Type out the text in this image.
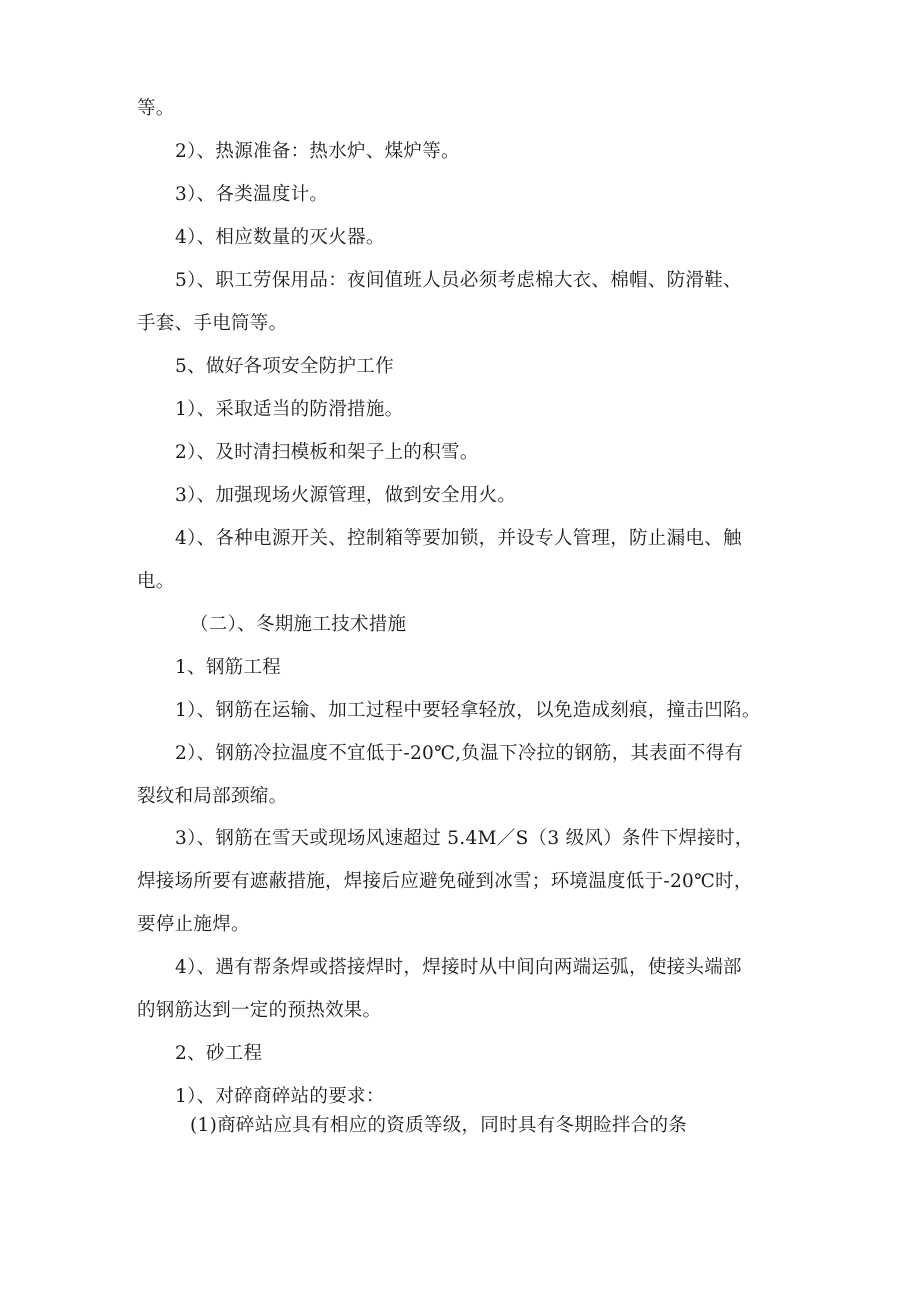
等。
2）、热源准备：热水炉、煤炉等。
3）、各类温度计。
4）、相应数量的灭火器。
5）、职工劳保用品：夜间值班人员必须考虑棉大衣、棉帽、防滑鞋、
手套、手电筒等。
5、做好各项安全防护工作
1）、采取适当的防滑措施。
2）、及时清扫模板和架子上的积雪。
3）、加强现场火源管理，做到安全用火。
4）、各种电源开关、控制箱等要加锁，并设专人管理，防止漏电、触
电。
（二）、冬期施工技术措施
1、钢筋工程
1）、钢筋在运输、加工过程中要轻拿轻放，以免造成刻痕，撞击凹陷。
2）、钢筋冷拉温度不宜低于-20℃,负温下冷拉的钢筋，其表面不得有
裂纹和局部颈缩。
3）、钢筋在雪天或现场风速超过 5.4M／S（3 级风）条件下焊接时，
焊接场所要有遮蔽措施，焊接后应避免碰到冰雪；环境温度低于-20℃时，
要停止施焊。
4）、遇有帮条焊或搭接焊时，焊接时从中间向两端运弧，使接头端部
的钢筋达到一定的预热效果。
2、砂工程
1）、对碎商碎站的要求：
(1)商碎站应具有相应的资质等级，同时具有冬期睑拌合的条
